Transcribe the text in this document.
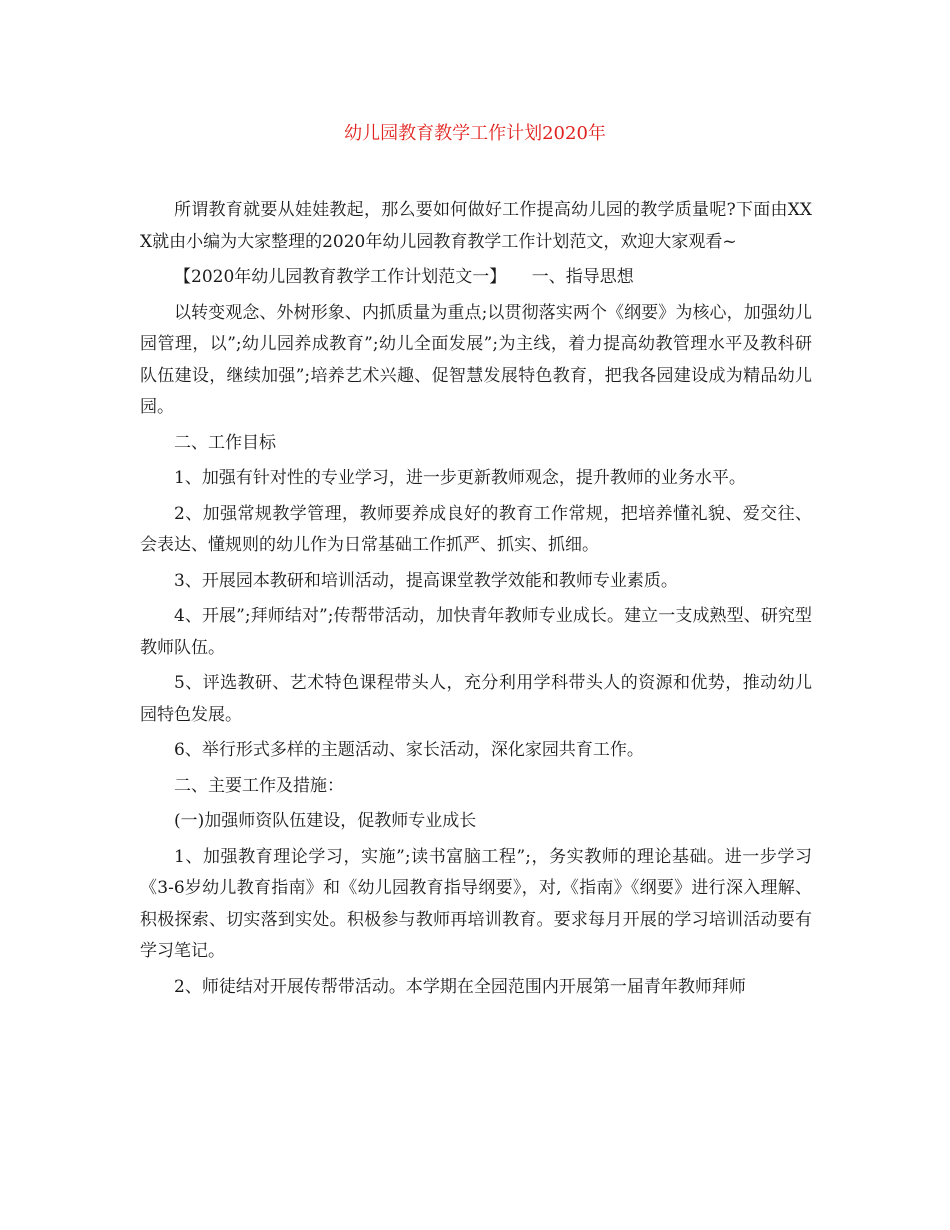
幼儿园教育教学工作计划2020年

所谓教育就要从娃娃教起，那么要如何做好工作提高幼儿园的教学质量呢?下面由XXX就由小编为大家整理的2020年幼儿园教育教学工作计划范文，欢迎大家观看~

【2020年幼儿园教育教学工作计划范文一】　　一、指导思想

以转变观念、外树形象、内抓质量为重点;以贯彻落实两个《纲要》为核心，加强幼儿园管理，以”;幼儿园养成教育”;幼儿全面发展”;为主线，着力提高幼教管理水平及教科研队伍建设，继续加强”;培养艺术兴趣、促智慧发展特色教育，把我各园建设成为精品幼儿园。

二、工作目标

1、加强有针对性的专业学习，进一步更新教师观念，提升教师的业务水平。

2、加强常规教学管理，教师要养成良好的教育工作常规，把培养懂礼貌、爱交往、会表达、懂规则的幼儿作为日常基础工作抓严、抓实、抓细。

3、开展园本教研和培训活动，提高课堂教学效能和教师专业素质。

4、开展”;拜师结对”;传帮带活动，加快青年教师专业成长。建立一支成熟型、研究型教师队伍。

5、评选教研、艺术特色课程带头人，充分利用学科带头人的资源和优势，推动幼儿园特色发展。

6、举行形式多样的主题活动、家长活动，深化家园共育工作。

二、主要工作及措施：

(一)加强师资队伍建设，促教师专业成长

1、加强教育理论学习，实施”;读书富脑工程”;，务实教师的理论基础。进一步学习《3-6岁幼儿教育指南》和《幼儿园教育指导纲要》，对,《指南》《纲要》进行深入理解、积极探索、切实落到实处。积极参与教师再培训教育。要求每月开展的学习培训活动要有学习笔记。

2、师徒结对开展传帮带活动。本学期在全园范围内开展第一届青年教师拜师
